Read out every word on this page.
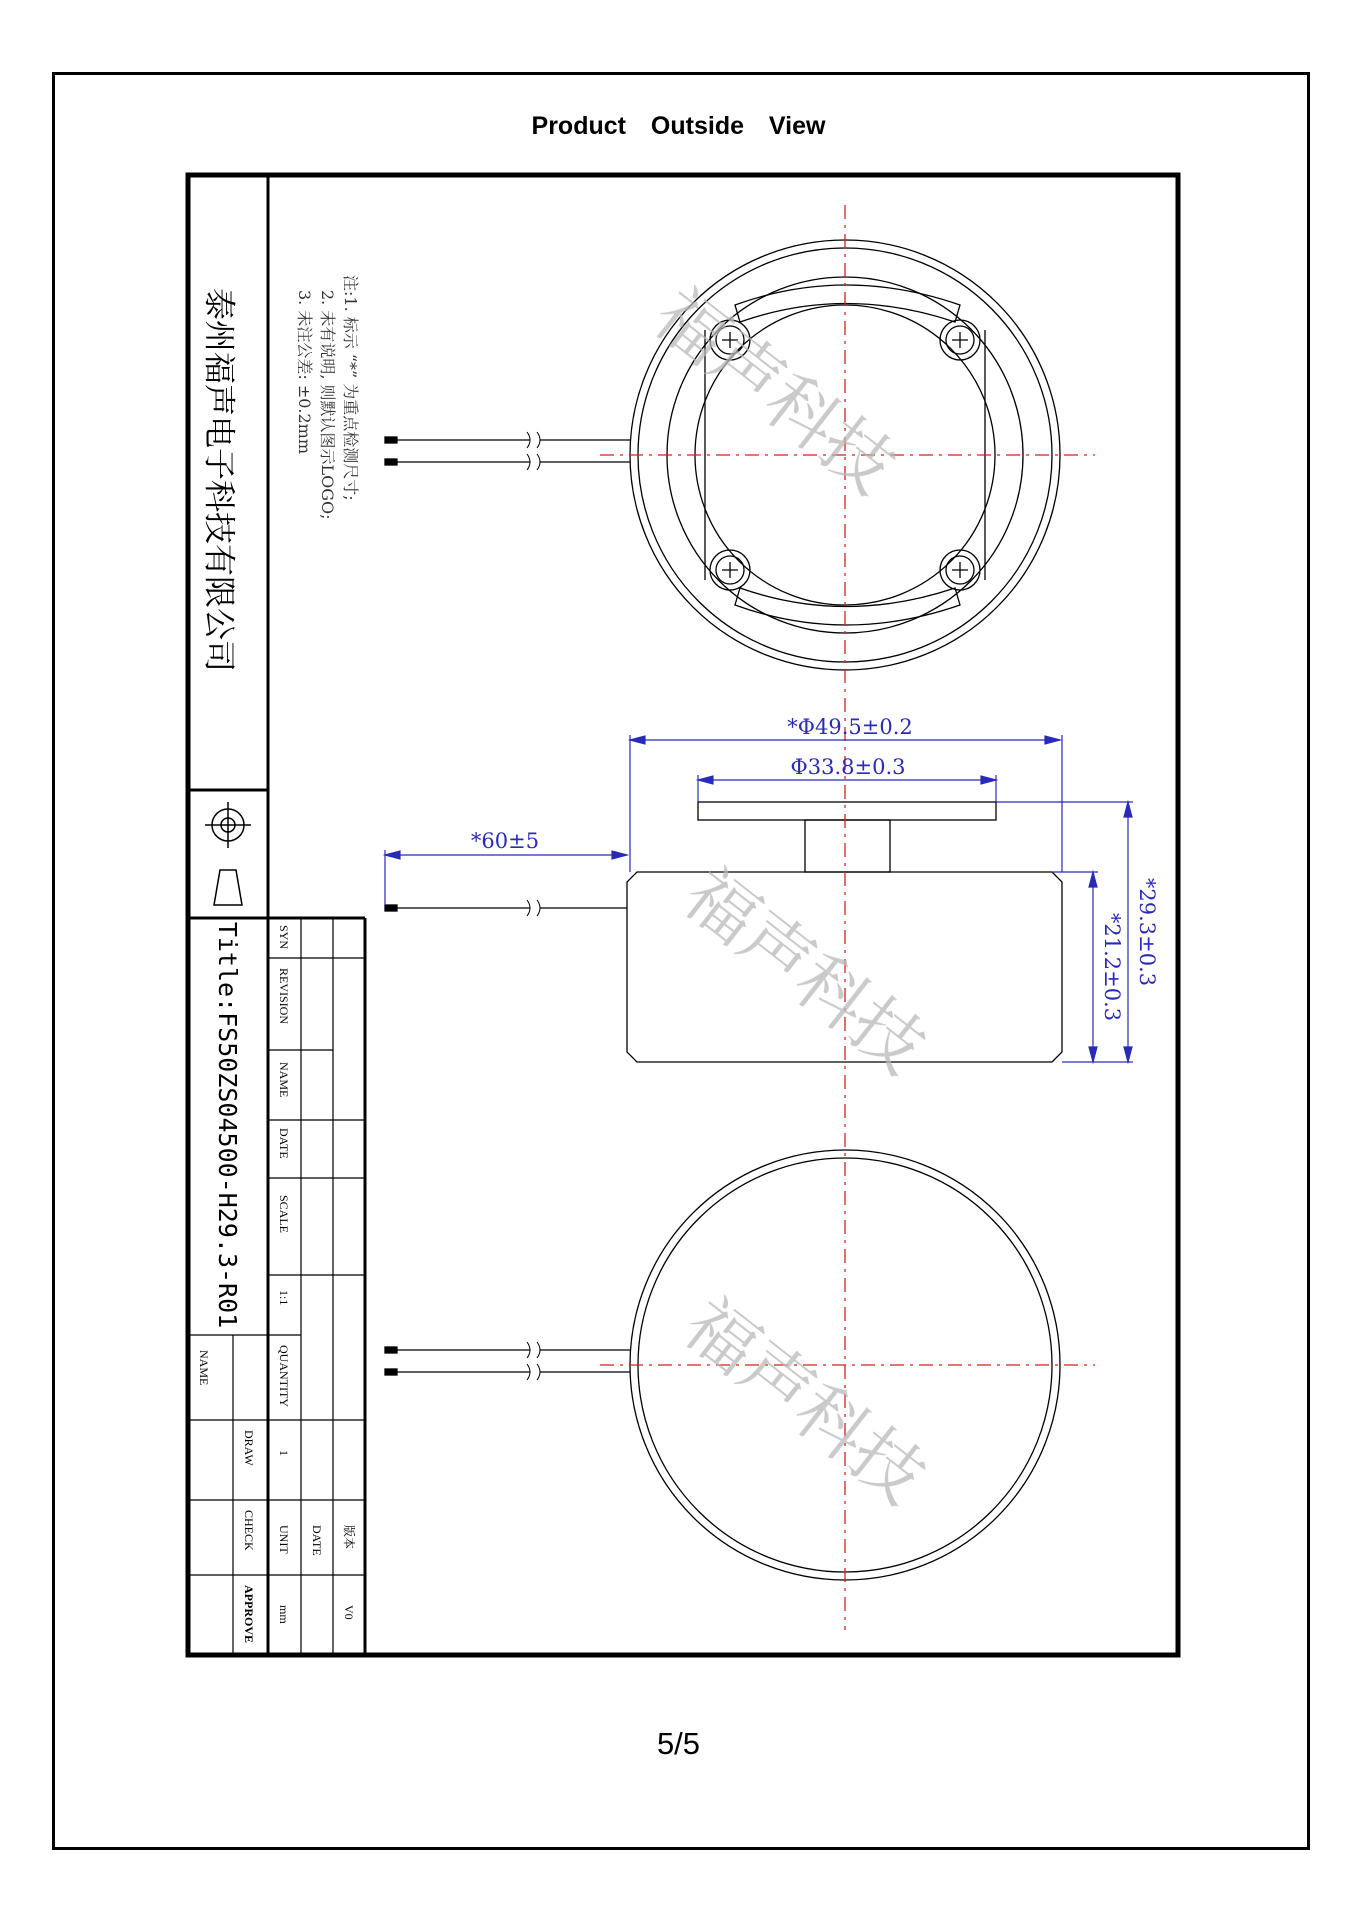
Product Outside View
泰州福声电子科技有限公司
Title:FS50ZS04500-H29.3-R01
注:1. 标示 “*” 为重点检测尺寸;
2. 未有说明, 则默认图示LOGO;
3. 未注公差: ±0.2mm
SYN
REVISION
NAME
DATE
SCALE
1:1
QUANTITY
1
UNIT
mm
DATE 版本
V0
NAME
DRAW
CHECK
APPROVE
*Φ49.5±0.2
Φ33.8±0.3
*60±5
*29.3±0.3
*21.2±0.3
福声科技
福声科技
福声科技
5/5
